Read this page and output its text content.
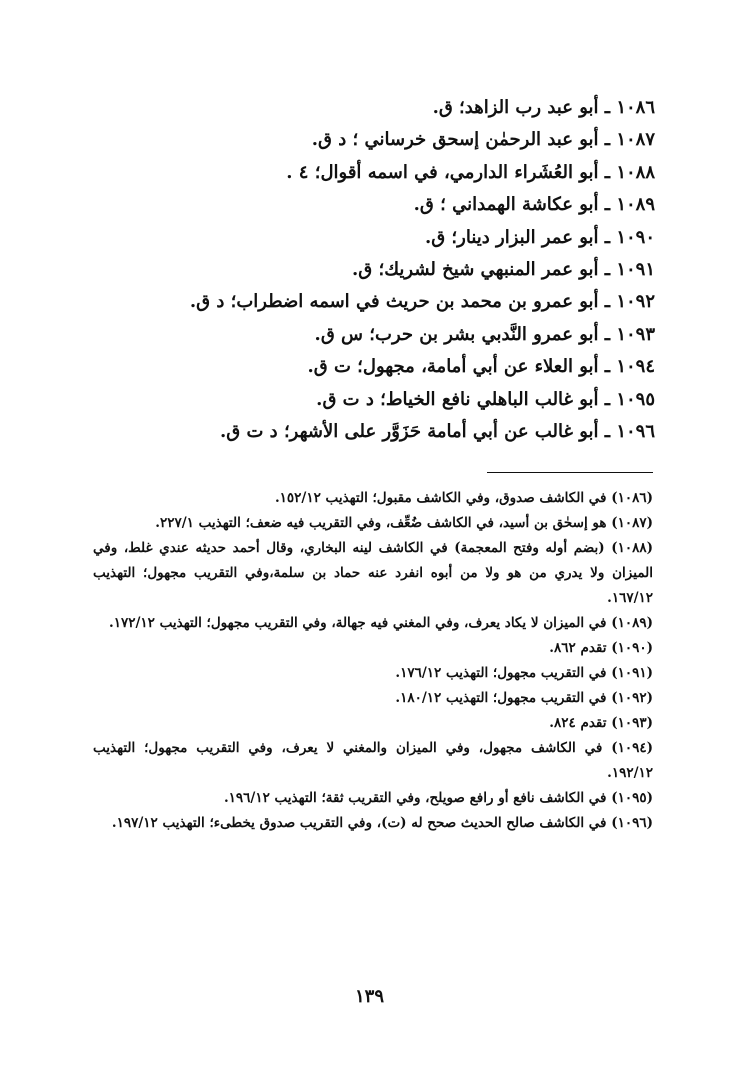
١٠٨٦ ـ أبو عبد رب الزاهد؛ ق.
١٠٨٧ ـ أبو عبد الرحمٰن إسحق خرساني ؛ د ق.
١٠٨٨ ـ أبو العُشَراء الدارمي، في اسمه أقوال؛ ٤ .
١٠٨٩ ـ أبو عكاشة الهمداني ؛ ق.
١٠٩٠ ـ أبو عمر البزار دينار؛ ق.
١٠٩١ ـ أبو عمر المنبهي شيخ لشريك؛ ق.
١٠٩٢ ـ أبو عمرو بن محمد بن حريث في اسمه اضطراب؛ د ق.
١٠٩٣ ـ أبو عمرو النَّدبي بشر بن حرب؛ س ق.
١٠٩٤ ـ أبو العلاء عن أبي أمامة، مجهول؛ ت ق.
١٠٩٥ ـ أبو غالب الباهلي نافع الخياط؛ د ت ق.
١٠٩٦ ـ أبو غالب عن أبي أمامة حَزَوَّر على الأشهر؛ د ت ق.

(١٠٨٦) في الكاشف صدوق، وفي الكاشف مقبول؛ التهذيب ١٥٢/١٢.

(١٠٨٧) هو إسحٰق بن أسيد، في الكاشف ضُعِّف، وفي التقريب فيه ضعف؛ التهذيب ٢٢٧/١.

(١٠٨٨) (بضم أوله وفتح المعجمة) في الكاشف لينه البخاري، وقال أحمد حديثه عندي غلط، وفي الميزان ولا يدري من هو ولا من أبوه انفرد عنه حماد بن سلمة،وفي التقريب مجهول؛ التهذيب ١٦٧/١٢.

(١٠٨٩) في الميزان لا يكاد يعرف، وفي المغني فيه جهالة، وفي التقريب مجهول؛ التهذيب ١٧٢/١٢.

(١٠٩٠) تقدم ٨٦٢.

(١٠٩١) في التقريب مجهول؛ التهذيب ١٧٦/١٢.

(١٠٩٢) في التقريب مجهول؛ التهذيب ١٨٠/١٢.

(١٠٩٣) تقدم ٨٢٤.

(١٠٩٤) في الكاشف مجهول، وفي الميزان والمغني لا يعرف، وفي التقريب مجهول؛ التهذيب ١٩٢/١٢.

(١٠٩٥) في الكاشف نافع أو رافع صويلح، وفي التقريب ثقة؛ التهذيب ١٩٦/١٢.

(١٠٩٦) في الكاشف صالح الحديث صحح له (ت)، وفي التقريب صدوق يخطىء؛ التهذيب ١٩٧/١٢.

١٣٩
